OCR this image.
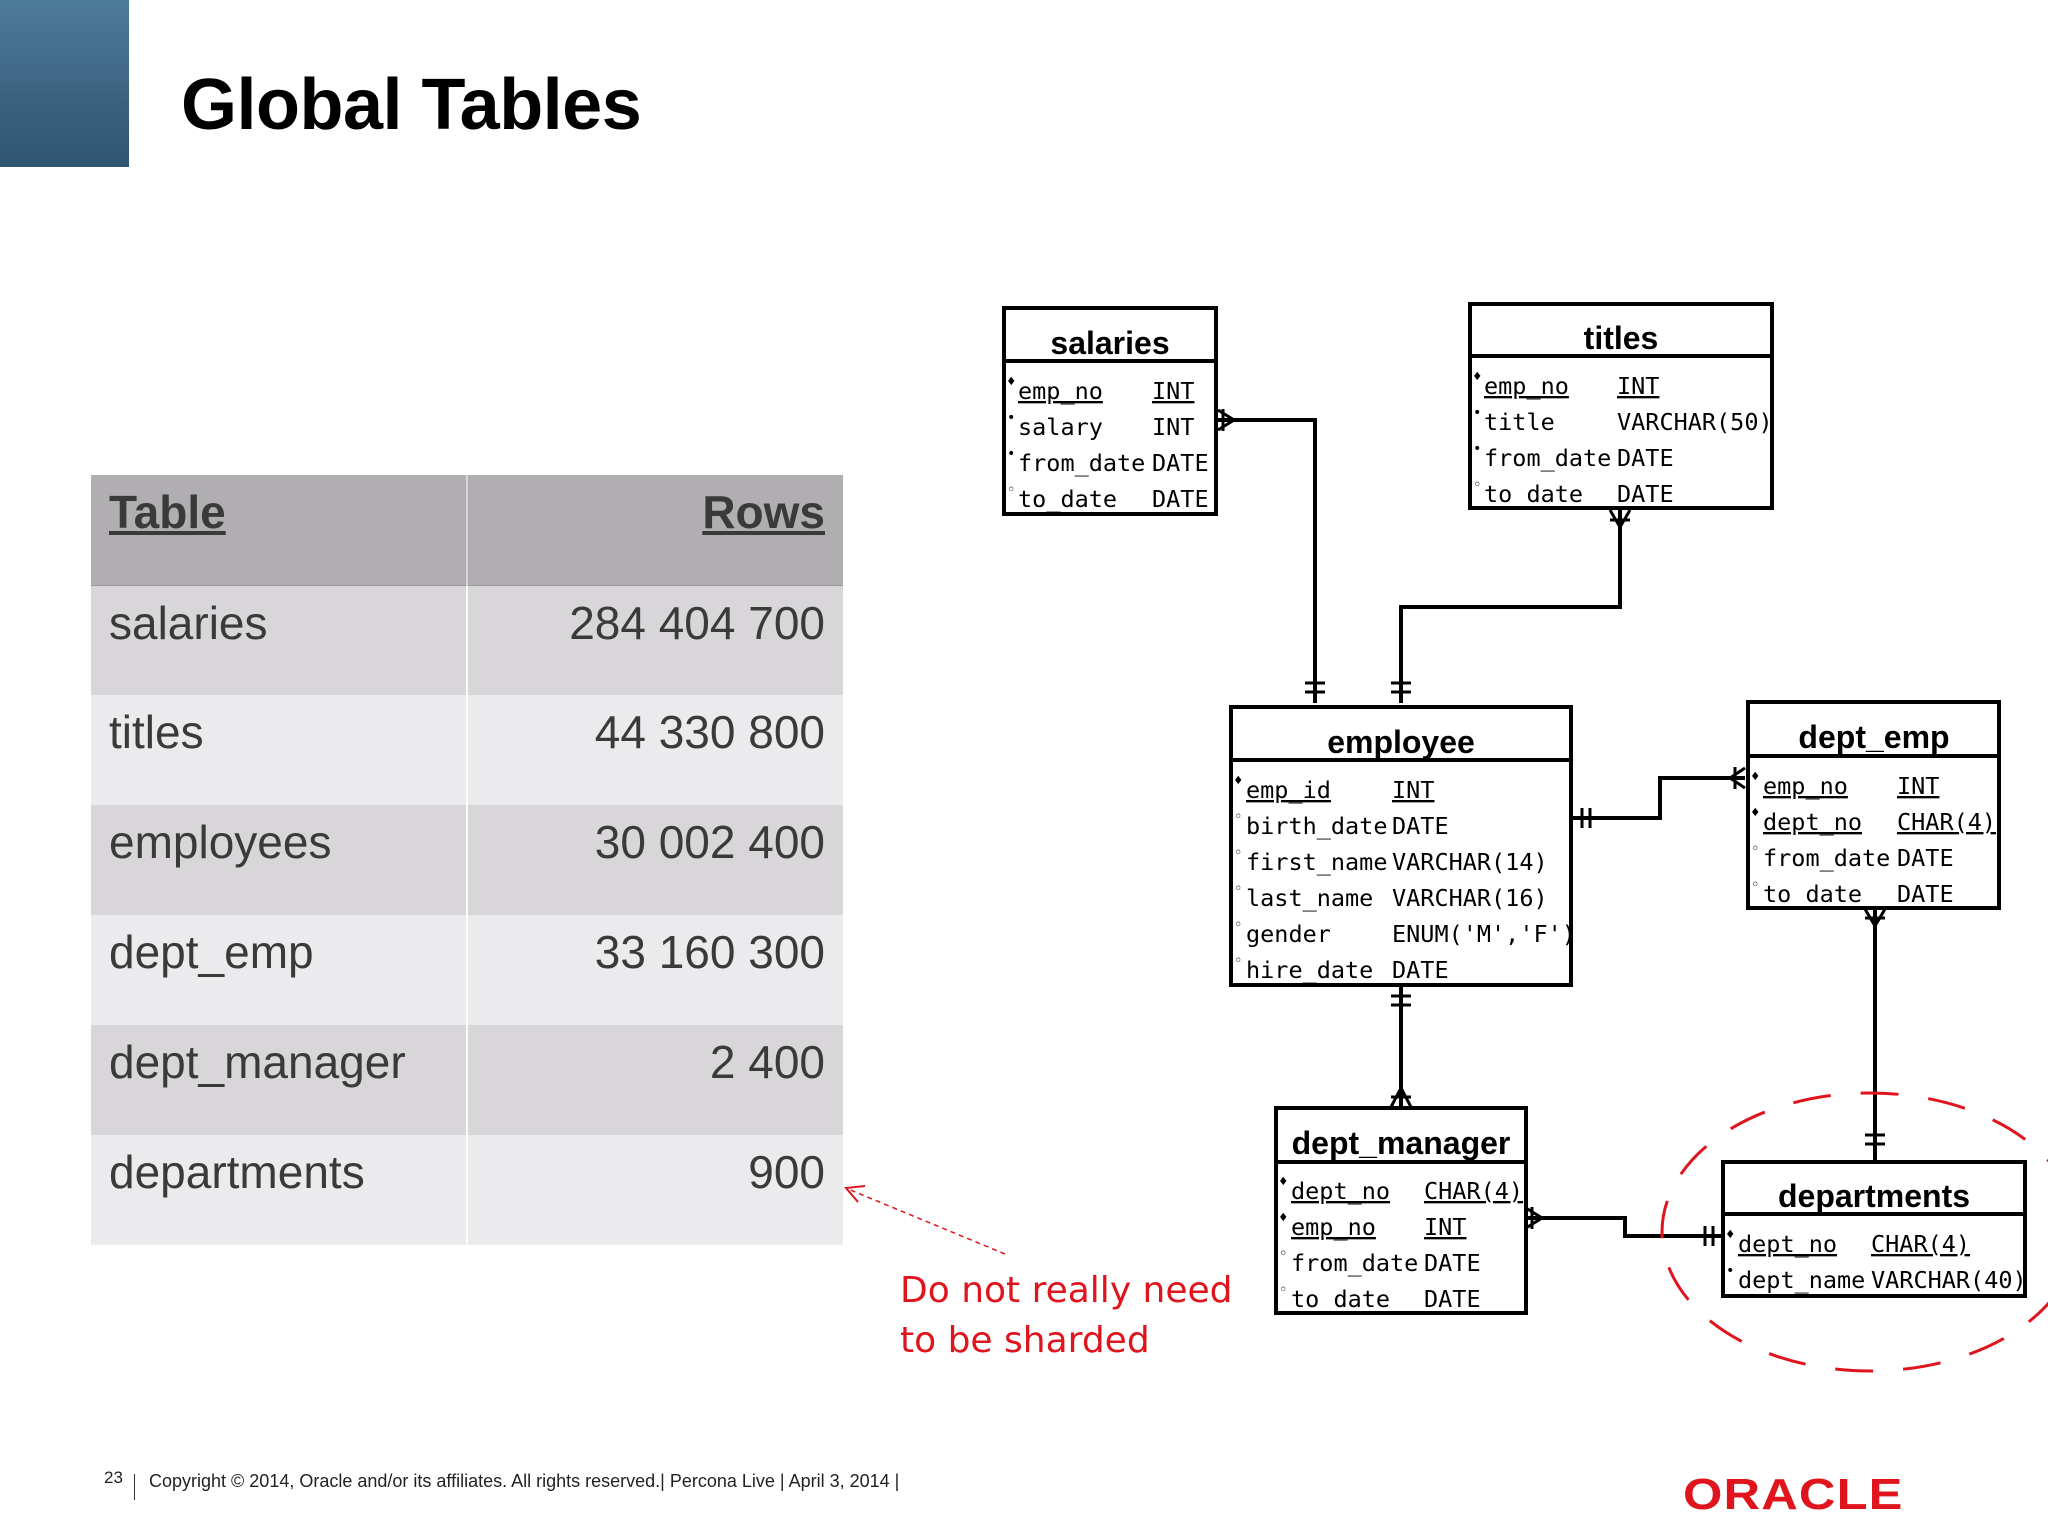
Global Tables
Table	Rows
salaries	284 404 700
titles	44 330 800
employees	30 002 400
dept_emp	33 160 300
dept_manager	2 400
departments	900
salaries
♦ emp_no INT
• salary INT
• from_date DATE
◦ to_date DATE
titles
♦ emp_no INT
• title	VARCHAR(50)
• from_date DATE
◦ to_date DATE
employee
♦ emp_id	INT
◦ birth_date DATE
◦ first_name VARCHAR(14)
◦ last_name VARCHAR(16)
◦ gender	ENUM('M','F')
◦ hire_date DATE
dept_emp
♦ emp_no INT
♦ dept_no CHAR(4)
◦ from_date DATE
◦ to_date DATE
dept_manager
♦ dept_no CHAR(4)
♦ emp_no INT
◦ from_date DATE
◦ to_date DATE
departments
♦ dept_no CHAR(4)
• dept_name VARCHAR(40)
Do not really need
to be sharded
23 Copyright © 2014, Oracle and/or its affiliates. All rights reserved.| Percona Live | April 3, 2014 |	ORACLE
